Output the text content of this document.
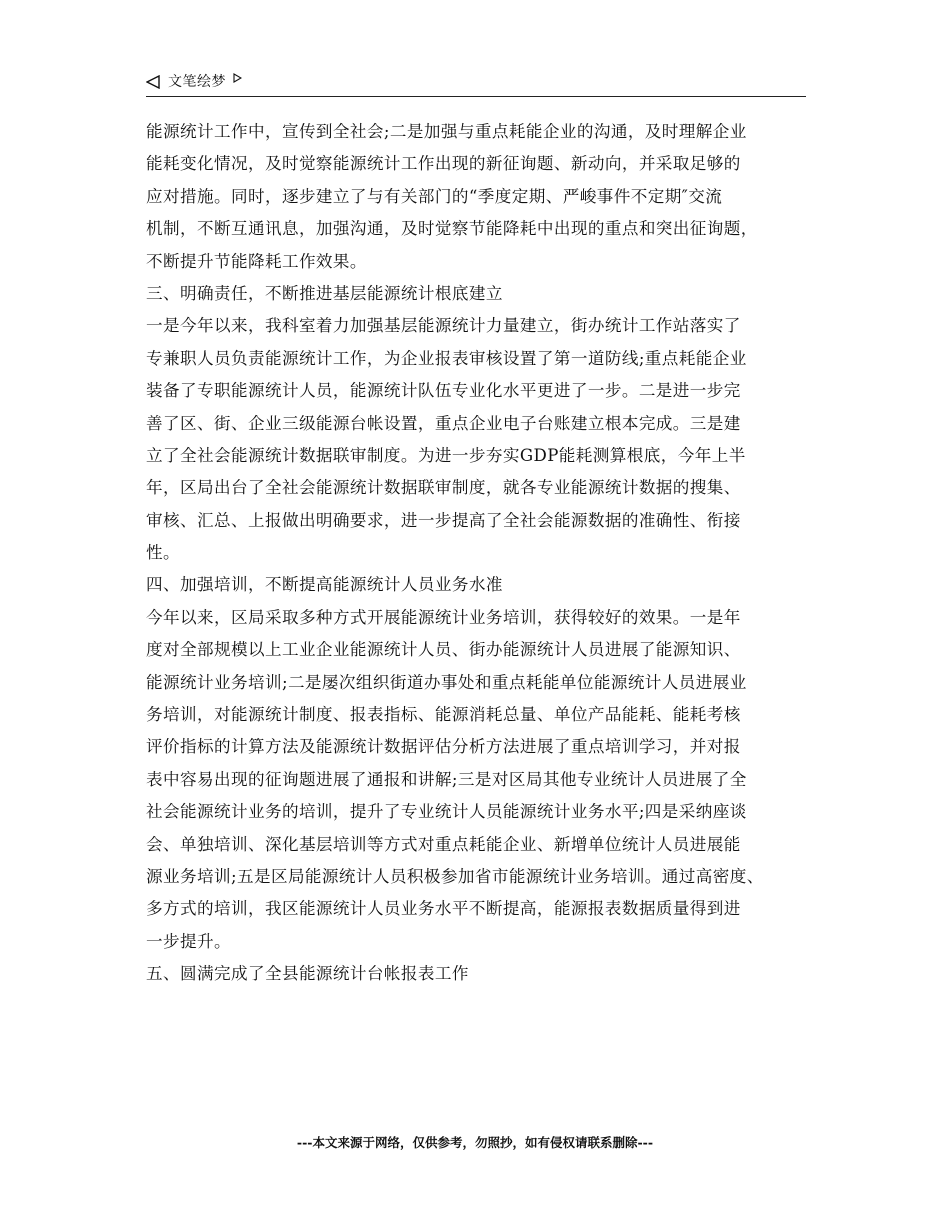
文笔绘梦
能源统计工作中，宣传到全社会;二是加强与重点耗能企业的沟通，及时理解企业
能耗变化情况，及时觉察能源统计工作出现的新征询题、新动向，并采取足够的
应对措施。同时，逐步建立了与有关部门的“季度定期、严峻事件不定期″交流
机制，不断互通讯息，加强沟通，及时觉察节能降耗中出现的重点和突出征询题，
不断提升节能降耗工作效果。
三、明确责任，不断推进基层能源统计根底建立
一是今年以来，我科室着力加强基层能源统计力量建立，街办统计工作站落实了
专兼职人员负责能源统计工作，为企业报表审核设置了第一道防线;重点耗能企业
装备了专职能源统计人员，能源统计队伍专业化水平更进了一步。二是进一步完
善了区、街、企业三级能源台帐设置，重点企业电子台账建立根本完成。三是建
立了全社会能源统计数据联审制度。为进一步夯实GDP能耗测算根底，今年上半
年，区局出台了全社会能源统计数据联审制度，就各专业能源统计数据的搜集、
审核、汇总、上报做出明确要求，进一步提高了全社会能源数据的准确性、衔接
性。
四、加强培训，不断提高能源统计人员业务水准
今年以来，区局采取多种方式开展能源统计业务培训，获得较好的效果。一是年
度对全部规模以上工业企业能源统计人员、街办能源统计人员进展了能源知识、
能源统计业务培训;二是屡次组织街道办事处和重点耗能单位能源统计人员进展业
务培训，对能源统计制度、报表指标、能源消耗总量、单位产品能耗、能耗考核
评价指标的计算方法及能源统计数据评估分析方法进展了重点培训学习，并对报
表中容易出现的征询题进展了通报和讲解;三是对区局其他专业统计人员进展了全
社会能源统计业务的培训，提升了专业统计人员能源统计业务水平;四是采纳座谈
会、单独培训、深化基层培训等方式对重点耗能企业、新增单位统计人员进展能
源业务培训;五是区局能源统计人员积极参加省市能源统计业务培训。通过高密度、
多方式的培训，我区能源统计人员业务水平不断提高，能源报表数据质量得到进
一步提升。
五、圆满完成了全县能源统计台帐报表工作
---本文来源于网络，仅供参考，勿照抄，如有侵权请联系删除---
